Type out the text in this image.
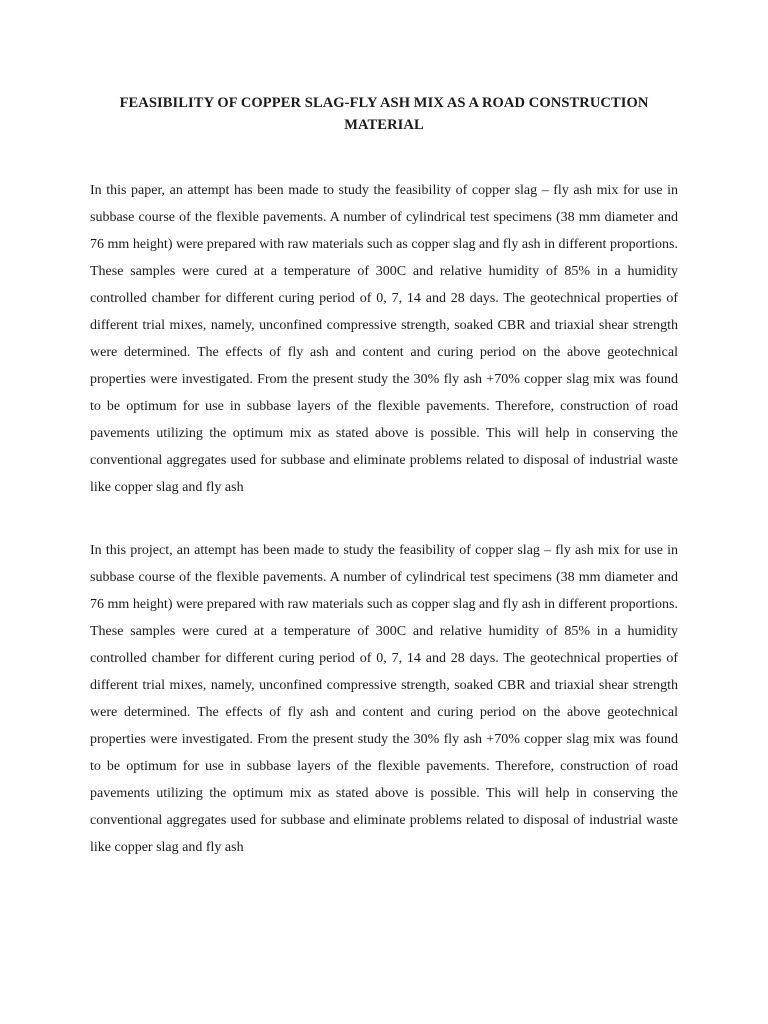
FEASIBILITY OF COPPER SLAG-FLY ASH MIX AS A ROAD CONSTRUCTION MATERIAL

In this paper, an attempt has been made to study the feasibility of copper slag – fly ash mix for use in subbase course of the flexible pavements. A number of cylindrical test specimens (38 mm diameter and 76 mm height) were prepared with raw materials such as copper slag and fly ash in different proportions. These samples were cured at a temperature of 300C and relative humidity of 85% in a humidity controlled chamber for different curing period of 0, 7, 14 and 28 days. The geotechnical properties of different trial mixes, namely, unconfined compressive strength, soaked CBR and triaxial shear strength were determined. The effects of fly ash and content and curing period on the above geotechnical properties were investigated. From the present study the 30% fly ash +70% copper slag mix was found to be optimum for use in subbase layers of the flexible pavements. Therefore, construction of road pavements utilizing the optimum mix as stated above is possible. This will help in conserving the conventional aggregates used for subbase and eliminate problems related to disposal of industrial waste like copper slag and fly ash

In this project, an attempt has been made to study the feasibility of copper slag – fly ash mix for use in subbase course of the flexible pavements. A number of cylindrical test specimens (38 mm diameter and 76 mm height) were prepared with raw materials such as copper slag and fly ash in different proportions. These samples were cured at a temperature of 300C and relative humidity of 85% in a humidity controlled chamber for different curing period of 0, 7, 14 and 28 days. The geotechnical properties of different trial mixes, namely, unconfined compressive strength, soaked CBR and triaxial shear strength were determined. The effects of fly ash and content and curing period on the above geotechnical properties were investigated. From the present study the 30% fly ash +70% copper slag mix was found to be optimum for use in subbase layers of the flexible pavements. Therefore, construction of road pavements utilizing the optimum mix as stated above is possible. This will help in conserving the conventional aggregates used for subbase and eliminate problems related to disposal of industrial waste like copper slag and fly ash
